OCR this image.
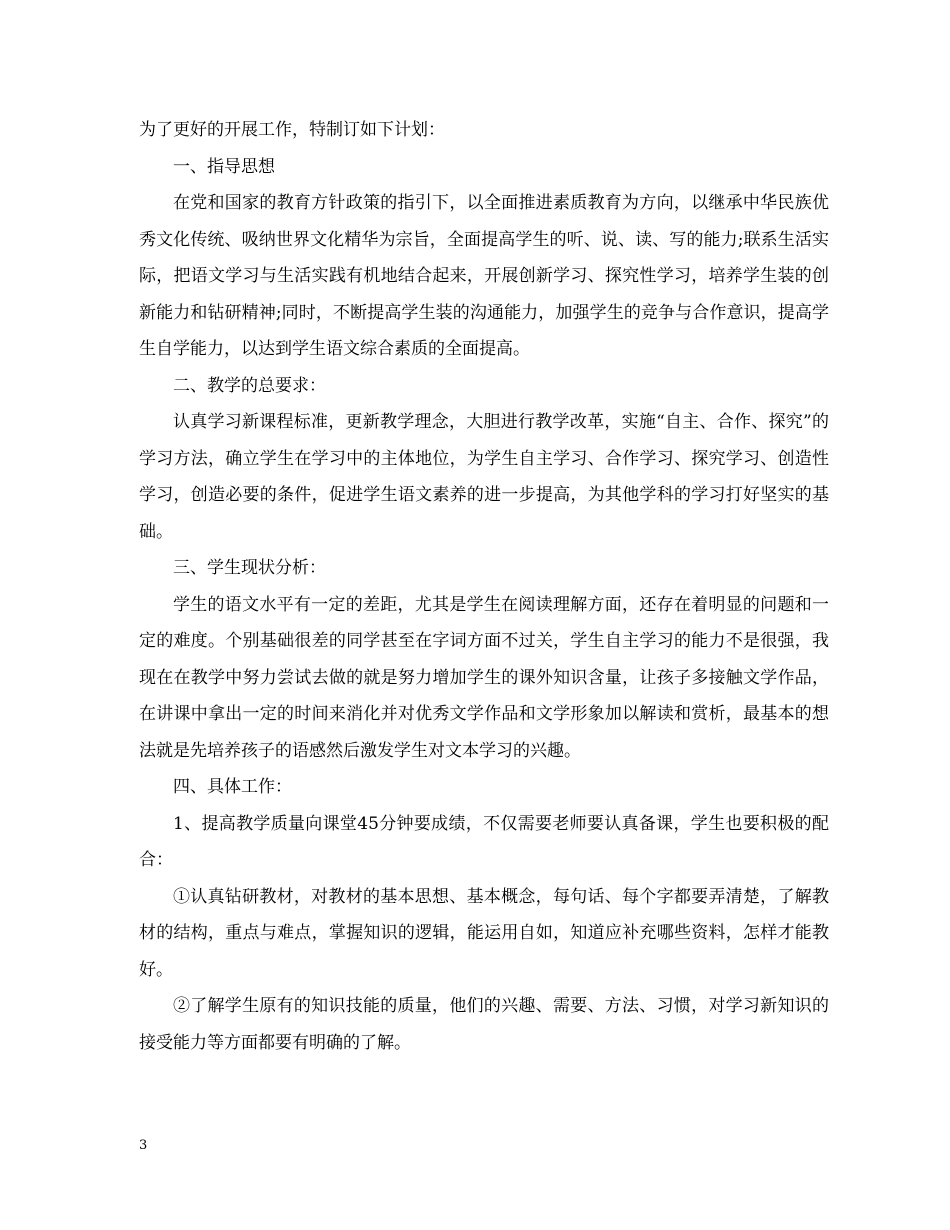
为了更好的开展工作，特制订如下计划：

一、指导思想

在党和国家的教育方针政策的指引下，以全面推进素质教育为方向，以继承中华民族优秀文化传统、吸纳世界文化精华为宗旨，全面提高学生的听、说、读、写的能力;联系生活实际，把语文学习与生活实践有机地结合起来，开展创新学习、探究性学习，培养学生装的创新能力和钻研精神;同时，不断提高学生装的沟通能力，加强学生的竞争与合作意识，提高学生自学能力，以达到学生语文综合素质的全面提高。

二、教学的总要求：

认真学习新课程标准，更新教学理念，大胆进行教学改革，实施“自主、合作、探究”的学习方法，确立学生在学习中的主体地位，为学生自主学习、合作学习、探究学习、创造性学习，创造必要的条件，促进学生语文素养的进一步提高，为其他学科的学习打好坚实的基础。

三、学生现状分析：

学生的语文水平有一定的差距，尤其是学生在阅读理解方面，还存在着明显的问题和一定的难度。个别基础很差的同学甚至在字词方面不过关，学生自主学习的能力不是很强，我现在在教学中努力尝试去做的就是努力增加学生的课外知识含量，让孩子多接触文学作品，在讲课中拿出一定的时间来消化并对优秀文学作品和文学形象加以解读和赏析，最基本的想法就是先培养孩子的语感然后激发学生对文本学习的兴趣。

四、具体工作：

1、提高教学质量向课堂45分钟要成绩，不仅需要老师要认真备课，学生也要积极的配合：

①认真钻研教材，对教材的基本思想、基本概念，每句话、每个字都要弄清楚，了解教材的结构，重点与难点，掌握知识的逻辑，能运用自如，知道应补充哪些资料，怎样才能教好。

②了解学生原有的知识技能的质量，他们的兴趣、需要、方法、习惯，对学习新知识的接受能力等方面都要有明确的了解。

3
